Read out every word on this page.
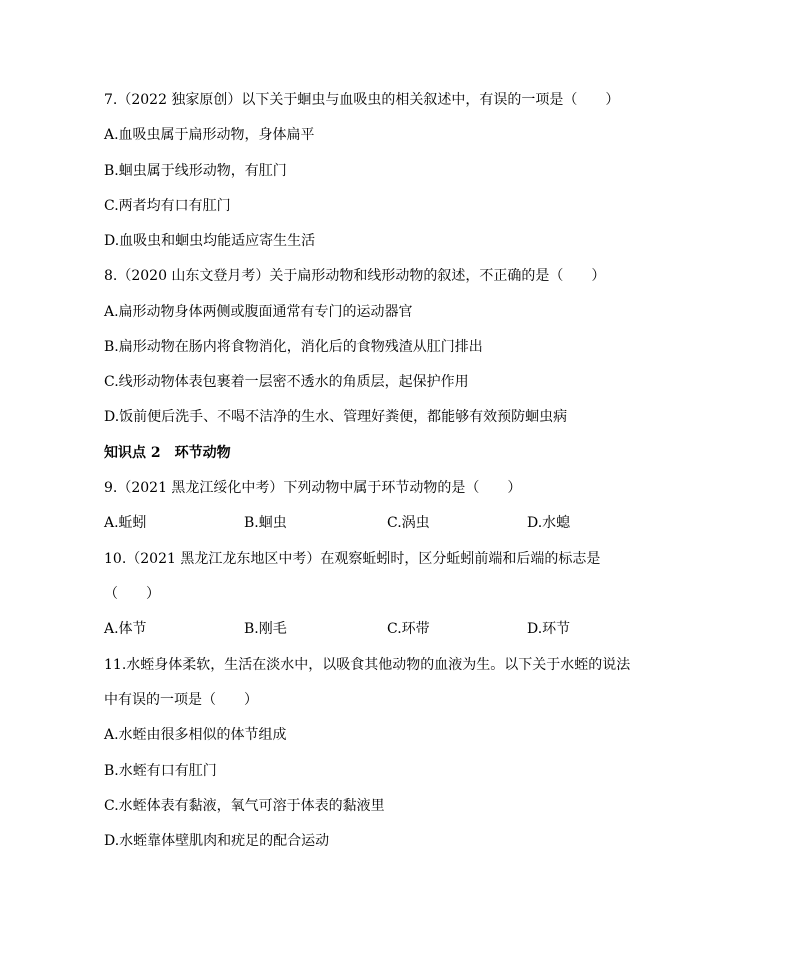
7.（2022 独家原创）以下关于蛔虫与血吸虫的相关叙述中，有误的一项是（　　）
A.血吸虫属于扁形动物，身体扁平
B.蛔虫属于线形动物，有肛门
C.两者均有口有肛门
D.血吸虫和蛔虫均能适应寄生生活
8.（2020 山东文登月考）关于扁形动物和线形动物的叙述，不正确的是（　　）
A.扁形动物身体两侧或腹面通常有专门的运动器官
B.扁形动物在肠内将食物消化，消化后的食物残渣从肛门排出
C.线形动物体表包裹着一层密不透水的角质层，起保护作用
D.饭前便后洗手、不喝不洁净的生水、管理好粪便，都能够有效预防蛔虫病
知识点 2　环节动物
9.（2021 黑龙江绥化中考）下列动物中属于环节动物的是（　　）
A.蚯蚓	B.蛔虫	C.涡虫	D.水螅
10.（2021 黑龙江龙东地区中考）在观察蚯蚓时，区分蚯蚓前端和后端的标志是
（　　）
A.体节	B.刚毛	C.环带	D.环节
11.水蛭身体柔软，生活在淡水中，以吸食其他动物的血液为生。以下关于水蛭的说法
中有误的一项是（　　）
A.水蛭由很多相似的体节组成
B.水蛭有口有肛门
C.水蛭体表有黏液，氧气可溶于体表的黏液里
D.水蛭靠体壁肌肉和疣足的配合运动
